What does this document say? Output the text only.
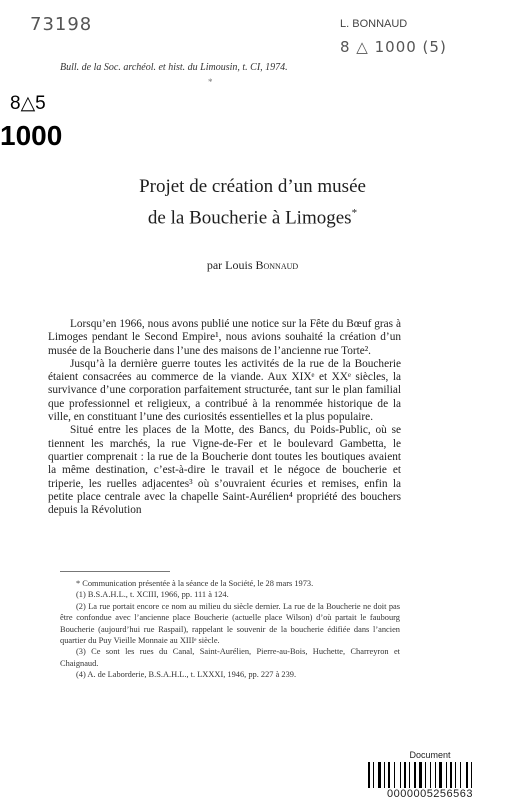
73198	L. BONNAUD
8 △ 1000 (5)
Bull. de la Soc. archéol. et hist. du Limousin, t. CI, 1974.
*
8△5
1000
Projet de création d’un musée
de la Boucherie à Limoges*
par Louis Bonnaud

Lorsqu’en 1966, nous avons publié une notice sur la Fête du Bœuf gras à Limoges pendant le Second Empire¹, nous avions souhaité la création d’un musée de la Boucherie dans l’une des maisons de l’ancienne rue Torte².

Jusqu’à la dernière guerre toutes les activités de la rue de la Boucherie étaient consacrées au commerce de la viande. Aux XIXᵉ et XXᵉ siècles, la survivance d’une corporation parfaitement structurée, tant sur le plan familial que professionnel et religieux, a contribué à la renommée historique de la ville, en constituant l’une des curiosités essentielles et la plus populaire.

Situé entre les places de la Motte, des Bancs, du Poids-Public, où se tiennent les marchés, la rue Vigne-de-Fer et le boulevard Gambetta, le quartier comprenait : la rue de la Boucherie dont toutes les boutiques avaient la même destination, c’est-à-dire le travail et le négoce de boucherie et triperie, les ruelles adjacentes³ où s’ouvraient écuries et remises, enfin la petite place centrale avec la chapelle Saint-Aurélien⁴ propriété des bouchers depuis la Révolution

* Communication présentée à la séance de la Société, le 28 mars 1973.

(1) B.S.A.H.L., t. XCIII, 1966, pp. 111 à 124.

(2) La rue portait encore ce nom au milieu du siècle dernier. La rue de la Boucherie ne doit pas être confondue avec l’ancienne place Boucherie (actuelle place Wilson) d’où partait le faubourg Boucherie (aujourd’hui rue Raspail), rappelant le souvenir de la boucherie édifiée dans l’ancien quartier du Puy Vieille Monnaie au XIIIᵉ siècle.

(3) Ce sont les rues du Canal, Saint-Aurélien, Pierre-au-Bois, Huchette, Charreyron et Chaignaud.

(4) A. de Laborderie, B.S.A.H.L., t. LXXXI, 1946, pp. 227 à 239.

Document
0000005256563
